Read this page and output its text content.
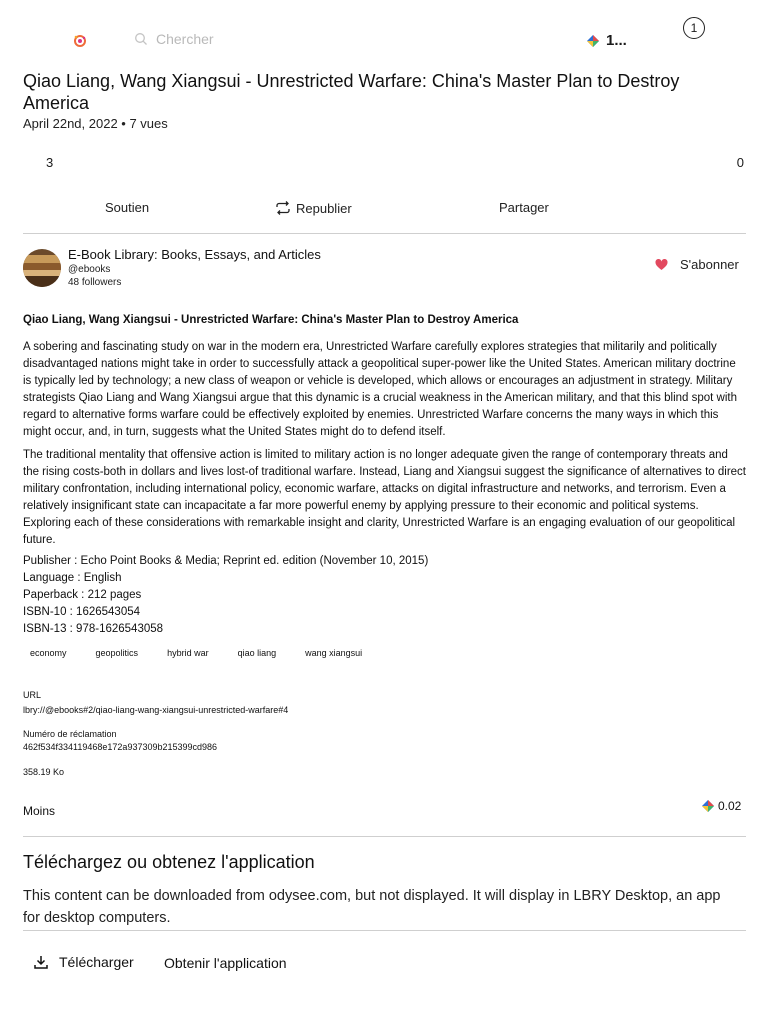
Chercher
1...
1
Qiao Liang, Wang Xiangsui - Unrestricted Warfare: China's Master Plan to Destroy America
April 22nd, 2022 • 7 vues
3	0
Soutien	Republier	Partager
E-Book Library: Books, Essays, and Articles
@ebooks
48 followers
S'abonner

Qiao Liang, Wang Xiangsui - Unrestricted Warfare: China's Master Plan to Destroy America

A sobering and fascinating study on war in the modern era, Unrestricted Warfare carefully explores strategies that militarily and politically disadvantaged nations might take in order to successfully attack a geopolitical super-power like the United States. American military doctrine is typically led by technology; a new class of weapon or vehicle is developed, which allows or encourages an adjustment in strategy. Military strategists Qiao Liang and Wang Xiangsui argue that this dynamic is a crucial weakness in the American military, and that this blind spot with regard to alternative forms warfare could be effectively exploited by enemies. Unrestricted Warfare concerns the many ways in which this might occur, and, in turn, suggests what the United States might do to defend itself.

The traditional mentality that offensive action is limited to military action is no longer adequate given the range of contemporary threats and the rising costs-both in dollars and lives lost-of traditional warfare. Instead, Liang and Xiangsui suggest the significance of alternatives to direct military confrontation, including international policy, economic warfare, attacks on digital infrastructure and networks, and terrorism. Even a relatively insignificant state can incapacitate a far more powerful enemy by applying pressure to their economic and political systems. Exploring each of these considerations with remarkable insight and clarity, Unrestricted Warfare is an engaging evaluation of our geopolitical future.

Publisher : Echo Point Books & Media; Reprint ed. edition (November 10, 2015)
Language : English
Paperback : 212 pages
ISBN-10 : 1626543054
ISBN-13 : 978-1626543058
economy	geopolitics	hybrid war	qiao liang	wang xiangsui
URL
lbry://@ebooks#2/qiao-liang-wang-xiangsui-unrestricted-warfare#4
Numéro de réclamation
462f534f334119468e172a937309b215399cd986
358.19 Ko
Moins	0.02
Téléchargez ou obtenez l'application
This content can be downloaded from odysee.com, but not displayed. It will display in LBRY Desktop, an app for desktop computers.
Télécharger Obtenir l'application
